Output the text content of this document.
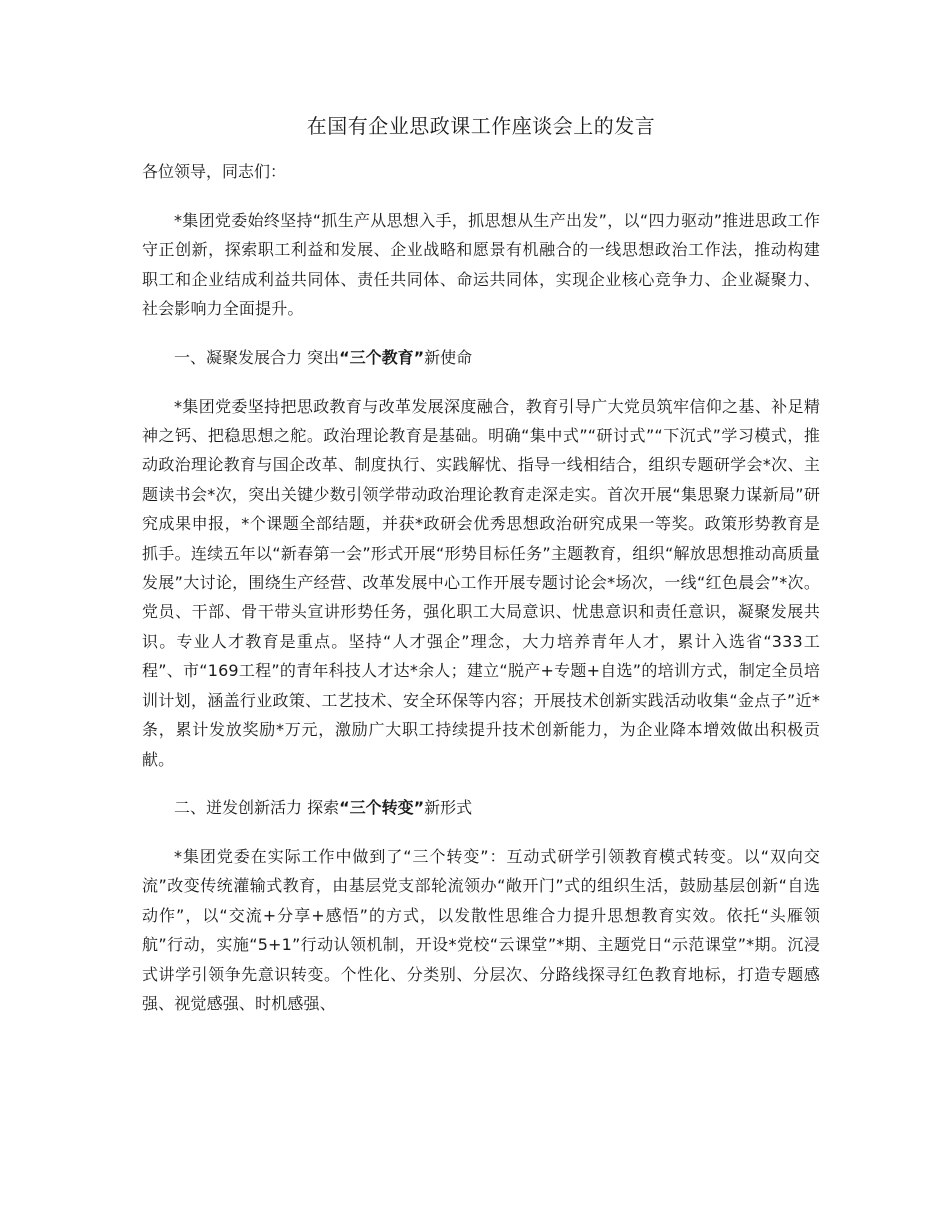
在国有企业思政课工作座谈会上的发言

各位领导，同志们：

*集团党委始终坚持“抓生产从思想入手，抓思想从生产出发”，以“四力驱动”推进思政工作守正创新，探索职工利益和发展、企业战略和愿景有机融合的一线思想政治工作法，推动构建职工和企业结成利益共同体、责任共同体、命运共同体，实现企业核心竞争力、企业凝聚力、社会影响力全面提升。

一、凝聚发展合力 突出“三个教育”新使命

*集团党委坚持把思政教育与改革发展深度融合，教育引导广大党员筑牢信仰之基、补足精神之钙、把稳思想之舵。政治理论教育是基础。明确“集中式”“研讨式”“下沉式”学习模式，推动政治理论教育与国企改革、制度执行、实践解忧、指导一线相结合，组织专题研学会*次、主题读书会*次，突出关键少数引领学带动政治理论教育走深走实。首次开展“集思聚力谋新局”研究成果申报，*个课题全部结题，并获*政研会优秀思想政治研究成果一等奖。政策形势教育是抓手。连续五年以“新春第一会”形式开展“形势目标任务”主题教育，组织“解放思想推动高质量发展”大讨论，围绕生产经营、改革发展中心工作开展专题讨论会*场次，一线“红色晨会”*次。党员、干部、骨干带头宣讲形势任务，强化职工大局意识、忧患意识和责任意识，凝聚发展共识。专业人才教育是重点。坚持“人才强企”理念，大力培养青年人才，累计入选省“333工程”、市“169工程”的青年科技人才达*余人；建立“脱产+专题+自选”的培训方式，制定全员培训计划，涵盖行业政策、工艺技术、安全环保等内容；开展技术创新实践活动收集“金点子”近*条，累计发放奖励*万元，激励广大职工持续提升技术创新能力，为企业降本增效做出积极贡献。

二、迸发创新活力 探索“三个转变”新形式

*集团党委在实际工作中做到了“三个转变”：互动式研学引领教育模式转变。以“双向交流”改变传统灌输式教育，由基层党支部轮流领办“敞开门”式的组织生活，鼓励基层创新“自选动作”，以“交流+分享+感悟”的方式，以发散性思维合力提升思想教育实效。依托“头雁领航”行动，实施“5+1”行动认领机制，开设*党校“云课堂”*期、主题党日“示范课堂”*期。沉浸式讲学引领争先意识转变。个性化、分类别、分层次、分路线探寻红色教育地标，打造专题感强、视觉感强、时机感强、
